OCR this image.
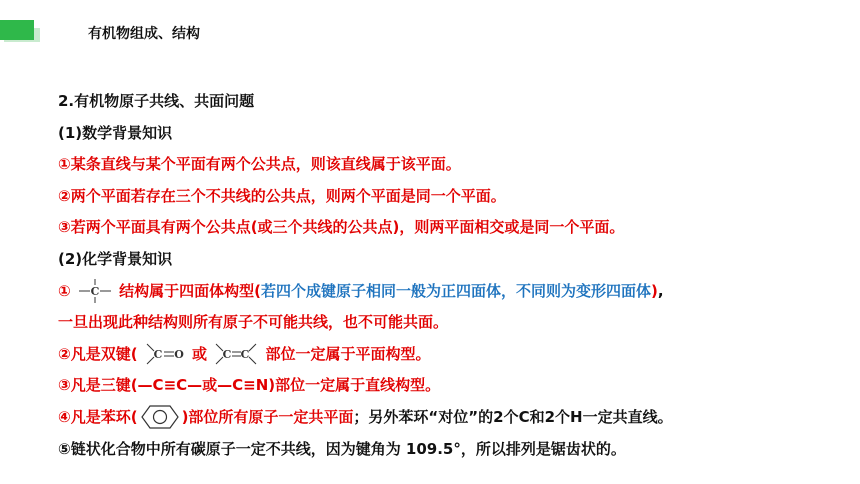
有机物组成、结构
2.有机物原子共线、共面问题
(1)数学背景知识
①某条直线与某个平面有两个公共点，则该直线属于该平面。
②两个平面若存在三个不共线的公共点，则两个平面是同一个平面。
③若两个平面具有两个公共点(或三个共线的公共点)，则两平面相交或是同一个平面。
(2)化学背景知识
① C 结构属于四面体构型(若四个成键原子相同一般为正四面体，不同则为变形四面体),
一旦出现此种结构则所有原子不可能共线，也不可能共面。
②凡是双键( C O 或 C C 部位一定属于平面构型。
③凡是三键(—C≡C—或—C≡N)部位一定属于直线构型。
④凡是苯环(	)部位所有原子一定共平面；另外苯环“对位”的2个C和2个H一定共直线。
⑤链状化合物中所有碳原子一定不共线，因为键角为 109.5°，所以排列是锯齿状的。
